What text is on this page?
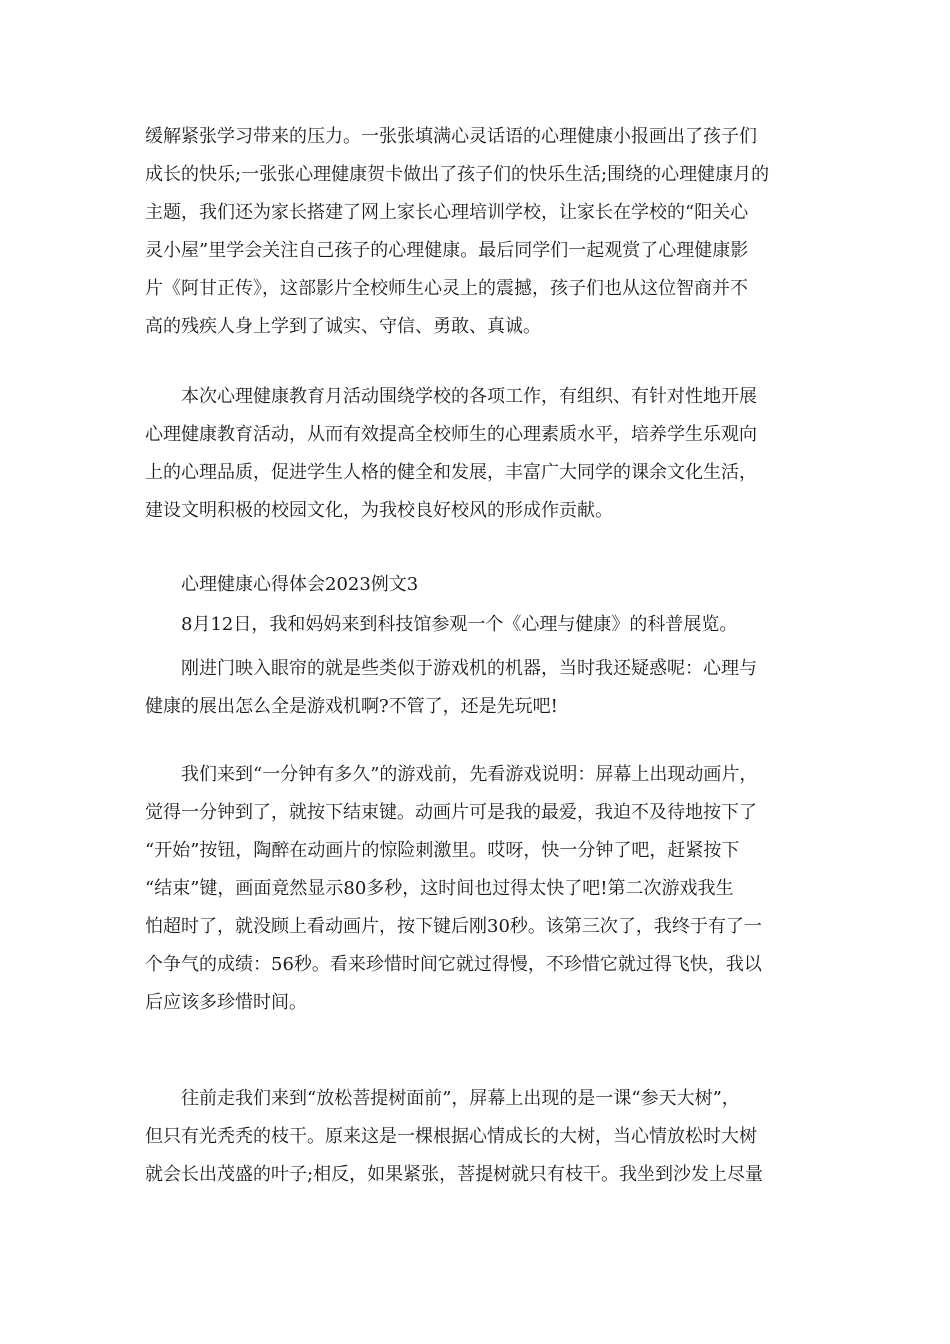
缓解紧张学习带来的压力。一张张填满心灵话语的心理健康小报画出了孩子们
成长的快乐;一张张心理健康贺卡做出了孩子们的快乐生活;围绕的心理健康月的
主题，我们还为家长搭建了网上家长心理培训学校，让家长在学校的“阳关心
灵小屋”里学会关注自己孩子的心理健康。最后同学们一起观赏了心理健康影
片《阿甘正传》，这部影片全校师生心灵上的震撼，孩子们也从这位智商并不
高的残疾人身上学到了诚实、守信、勇敢、真诚。
本次心理健康教育月活动围绕学校的各项工作，有组织、有针对性地开展
心理健康教育活动，从而有效提高全校师生的心理素质水平，培养学生乐观向
上的心理品质，促进学生人格的健全和发展，丰富广大同学的课余文化生活，
建设文明积极的校园文化，为我校良好校风的形成作贡献。
心理健康心得体会2023例文3
8月12日，我和妈妈来到科技馆参观一个《心理与健康》的科普展览。
刚进门映入眼帘的就是些类似于游戏机的机器，当时我还疑惑呢：心理与
健康的展出怎么全是游戏机啊?不管了，还是先玩吧!
我们来到“一分钟有多久”的游戏前，先看游戏说明：屏幕上出现动画片，
觉得一分钟到了，就按下结束键。动画片可是我的最爱，我迫不及待地按下了
“开始”按钮，陶醉在动画片的惊险刺激里。哎呀，快一分钟了吧，赶紧按下
“结束”键，画面竟然显示80多秒，这时间也过得太快了吧!第二次游戏我生
怕超时了，就没顾上看动画片，按下键后刚30秒。该第三次了，我终于有了一
个争气的成绩：56秒。看来珍惜时间它就过得慢，不珍惜它就过得飞快，我以
后应该多珍惜时间。
往前走我们来到“放松菩提树面前”，屏幕上出现的是一课“参天大树”，
但只有光秃秃的枝干。原来这是一棵根据心情成长的大树，当心情放松时大树
就会长出茂盛的叶子;相反，如果紧张，菩提树就只有枝干。我坐到沙发上尽量
